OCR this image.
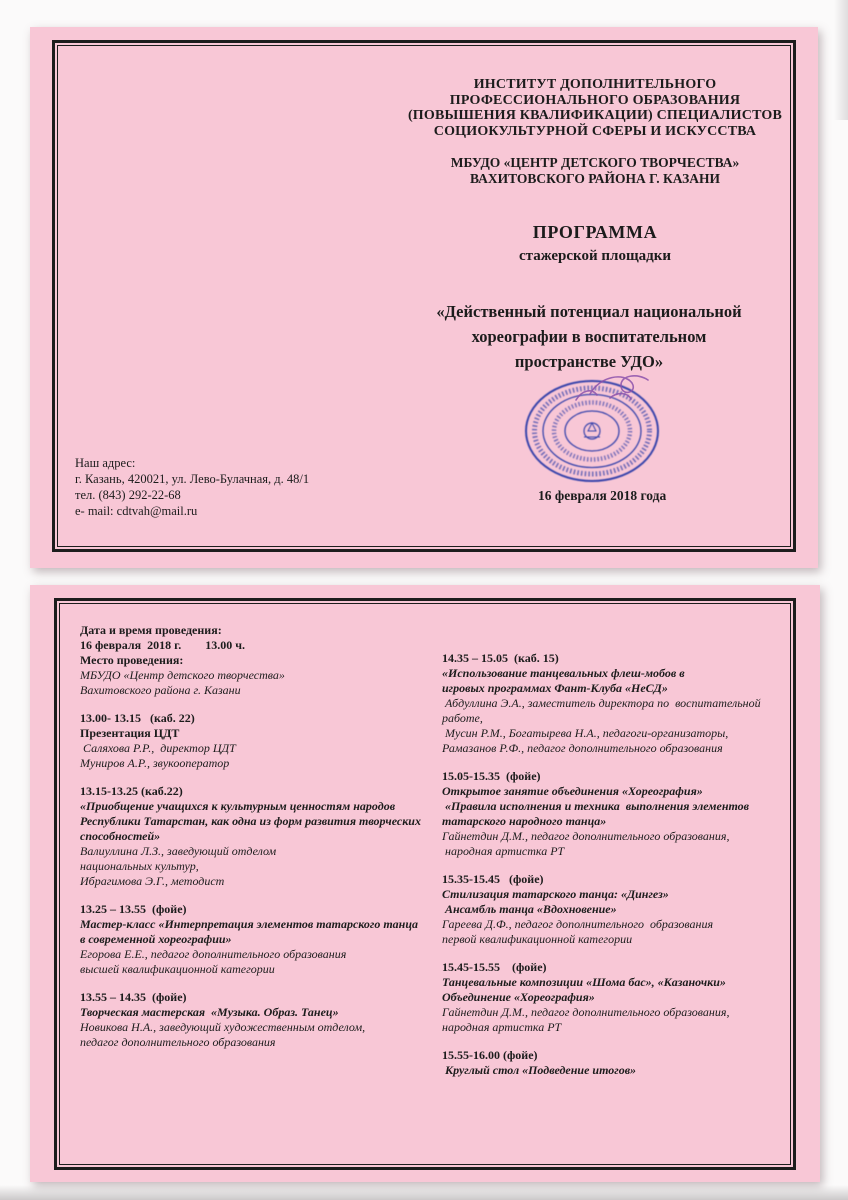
ИНСТИТУТ ДОПОЛНИТЕЛЬНОГО
ПРОФЕССИОНАЛЬНОГО ОБРАЗОВАНИЯ
(ПОВЫШЕНИЯ КВАЛИФИКАЦИИ) СПЕЦИАЛИСТОВ
СОЦИОКУЛЬТУРНОЙ СФЕРЫ И ИСКУССТВА
МБУДО «ЦЕНТР ДЕТСКОГО ТВОРЧЕСТВА»
ВАХИТОВСКОГО РАЙОНА Г. КАЗАНИ
ПРОГРАММА
стажерской площадки
«Действенный потенциал национальной
хореографии в воспитательном
пространстве УДО»
Наш адрес:
г. Казань, 420021, ул. Лево-Булачная, д. 48/1
тел. (843) 292-22-68
e- mail: cdtvah@mail.ru
16 февраля 2018 года
Дата и время проведения:
16 февраля  2018 г.        13.00 ч.
Место проведения:
МБУДО «Центр детского творчества»
Вахитовского района г. Казани
13.00- 13.15   (каб. 22)
Презентация ЦДТ
Саляхова Р.Р.,  директор ЦДТ
Муниров А.Р., звукооператор
13.15-13.25 (каб.22)
«Приобщение учащихся к культурным ценностям народов
Республики Татарстан, как одна из форм развития творческих
способностей»
Валиуллина Л.З., заведующий отделом
национальных культур,
Ибрагимова Э.Г., методист
13.25 – 13.55  (фойе)
Мастер-класс «Интерпретация элементов татарского танца
в современной хореографии»
Егорова Е.Е., педагог дополнительного образования
высшей квалификационной категории
13.55 – 14.35  (фойе)
Творческая мастерская  «Музыка. Образ. Танец»
Новикова Н.А., заведующий художественным отделом,
педагог дополнительного образования
14.35 – 15.05  (каб. 15)
«Использование танцевальных флеш-мобов в
игровых программах Фант-Клуба «НеСД»
Абдуллина Э.А., заместитель директора по  воспитательной работе,
Мусин Р.М., Богатырева Н.А., педагоги-организаторы,
Рамазанов Р.Ф., педагог дополнительного образования
15.05-15.35  (фойе)
Открытое занятие объединения «Хореография»
«Правила исполнения и техника  выполнения элементов
татарского народного танца»
Гайнетдин Д.М., педагог дополнительного образования,
народная артистка РТ
15.35-15.45   (фойе)
Стилизация татарского танца: «Дингез»
Ансамбль танца «Вдохновение»
Гареева Д.Ф., педагог дополнительного  образования
первой квалификационной категории
15.45-15.55    (фойе)
Танцевальные композиции «Шома бас», «Казаночки»
Объединение «Хореография»
Гайнетдин Д.М., педагог дополнительного образования,
народная артистка РТ
15.55-16.00 (фойе)
Круглый стол «Подведение итогов»
